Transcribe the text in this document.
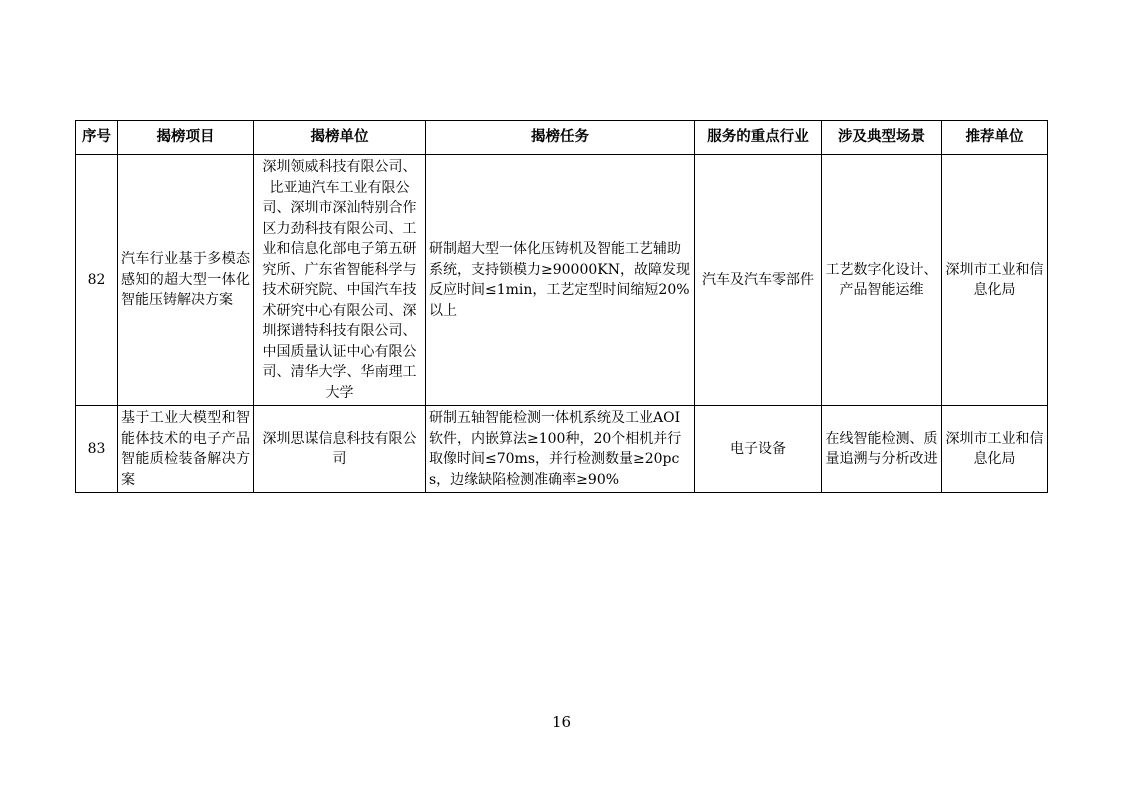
序号	揭榜项目	揭榜单位	揭榜任务	服务的重点行业	涉及典型场景	推荐单位
82	汽车行业基于多模态感知的超大型一体化智能压铸解决方案	深圳领威科技有限公司、比亚迪汽车工业有限公司、深圳市深汕特别合作区力劲科技有限公司、工业和信息化部电子第五研究所、广东省智能科学与技术研究院、中国汽车技术研究中心有限公司、深圳探谱特科技有限公司、中国质量认证中心有限公司、清华大学、华南理工大学	研制超大型一体化压铸机及智能工艺辅助系统，支持锁模力≥90000KN，故障发现反应时间≤1min，工艺定型时间缩短20%以上	汽车及汽车零部件	工艺数字化设计、产品智能运维	深圳市工业和信息化局
83	基于工业大模型和智能体技术的电子产品智能质检装备解决方案	深圳思谋信息科技有限公司	研制五轴智能检测一体机系统及工业AOI软件，内嵌算法≥100种，20个相机并行取像时间≤70ms，并行检测数量≥20pcs，边缘缺陷检测准确率≥90%	电子设备	在线智能检测、质量追溯与分析改进	深圳市工业和信息化局
16
